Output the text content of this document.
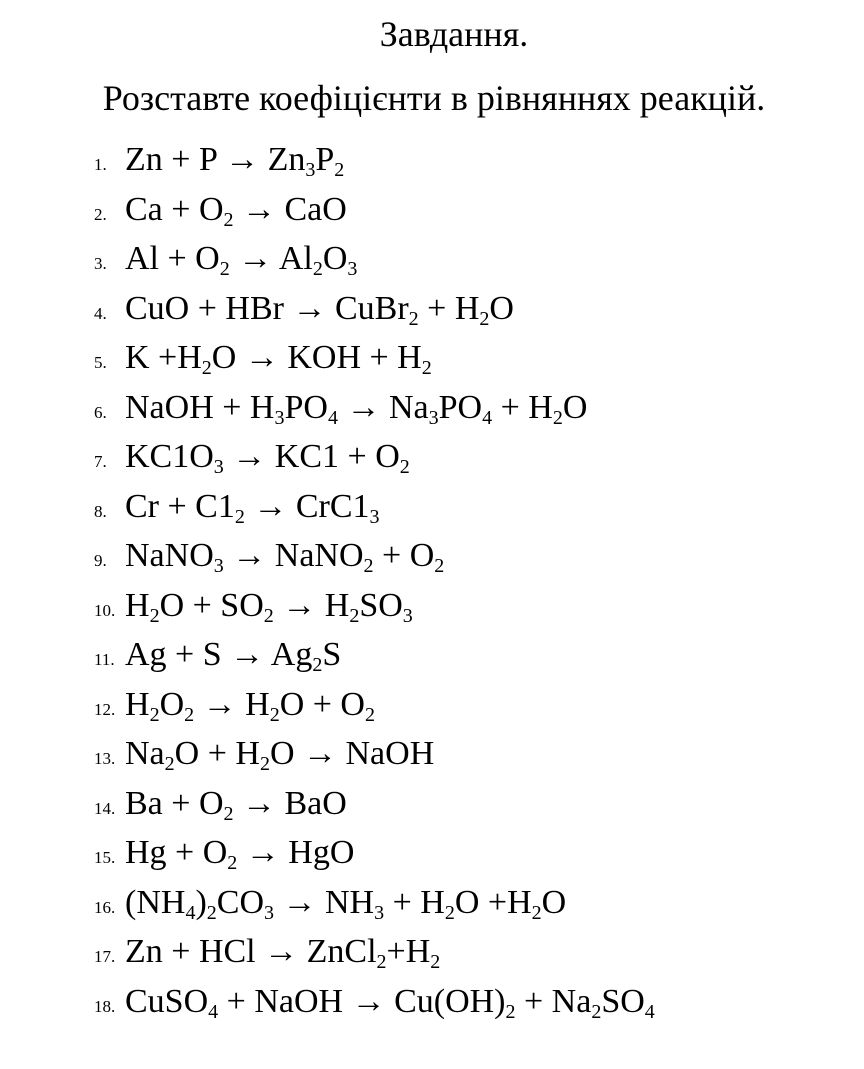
Завдання.
Розставте коефіцієнти в рівняннях реакцій.
1. $Zn + P \to Zn_3P_2$
2. $Ca + O_2$ → CaO
3. $Al + O_2 \to Al_2O_3$
4. CuO + HBr → CuBr$_2$ + $H_2O$
5. $K +H_2O$ → KOH + $H_2$
6. NaOH + $H_3PO_4 \to Na_3PO_4 + H_2O$
7. $KC1O_3 \to KC1 + O_2$
8. $Cr + C1_2 \to CrC1_3$
9. NaNO$_3$ → NaNO$_2$ + $O_2$
10. $H_2O + SO_2 \to H_2SO_3$
11. $Ag + S \to Ag_2S$
12. $H_2O_2 \to H_2O + O_2$
13. $Na_2O + H_2O$ → NaOH
14. $Ba + O_2$ → BaO
15. $Hg + O_2$ → HgO
16. $(NH_4)_2CO_3 \to NH_3 + H_2O +H_2O$
17. Zn + HCl → $ZnCl_2+H_2$
18. CuSO$_4$ + NaOH → $Cu(OH)_2 + Na_2SO_4$
